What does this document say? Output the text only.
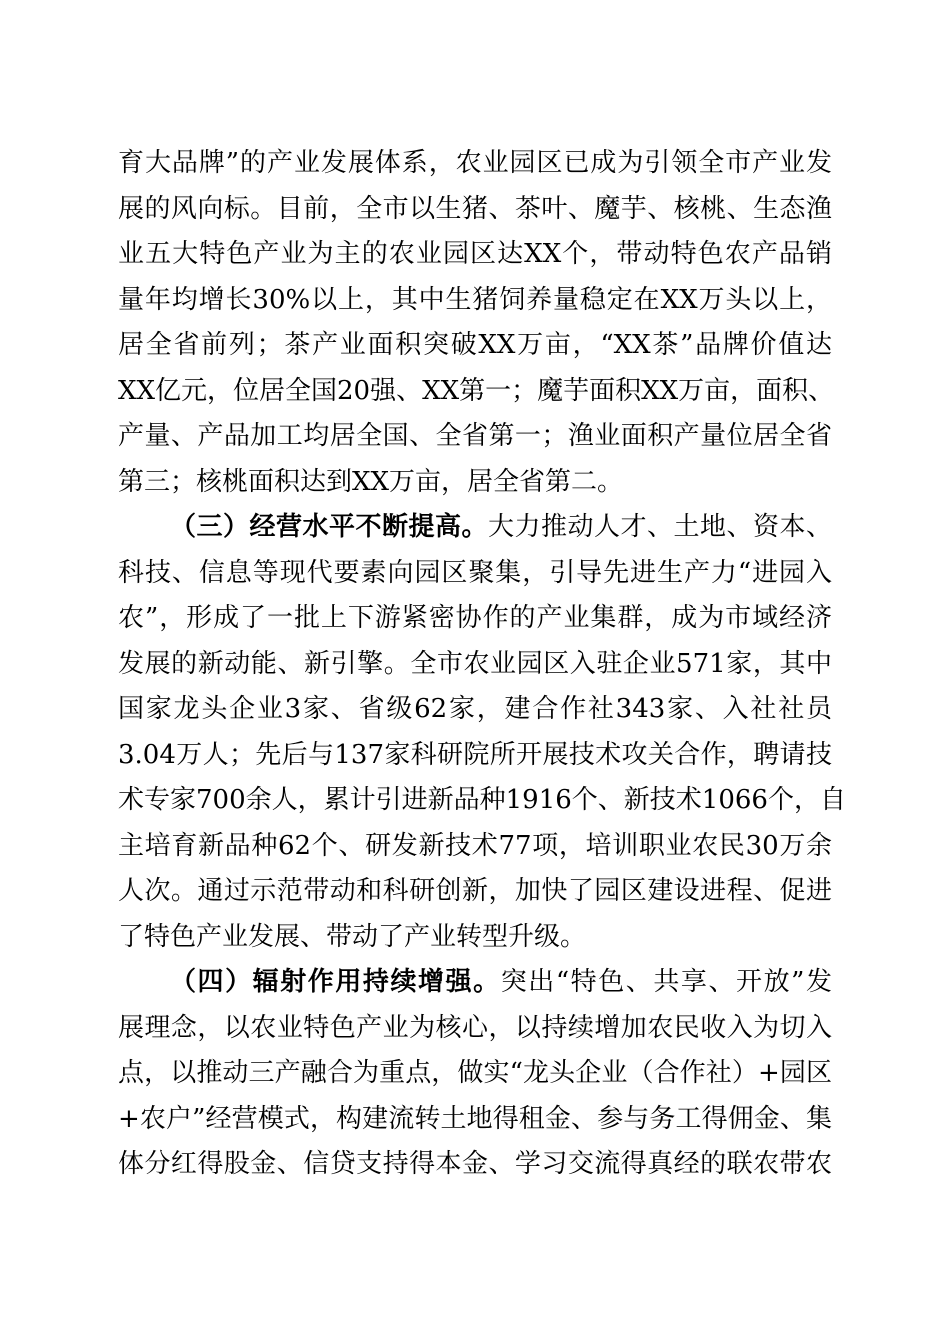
育大品牌”的产业发展体系，农业园区已成为引领全市产业发
展的风向标。目前，全市以生猪、茶叶、魔芋、核桃、生态渔
业五大特色产业为主的农业园区达XX个，带动特色农产品销
量年均增长30%以上，其中生猪饲养量稳定在XX万头以上，
居全省前列；茶产业面积突破XX万亩，“XX茶”品牌价值达
XX亿元，位居全国20强、XX第一；魔芋面积XX万亩，面积、
产量、产品加工均居全国、全省第一；渔业面积产量位居全省
第三；核桃面积达到XX万亩，居全省第二。
（三）经营水平不断提高。大力推动人才、土地、资本、
科技、信息等现代要素向园区聚集，引导先进生产力“进园入
农”，形成了一批上下游紧密协作的产业集群，成为市域经济
发展的新动能、新引擎。全市农业园区入驻企业571家，其中
国家龙头企业3家、省级62家，建合作社343家、入社社员
3.04万人；先后与137家科研院所开展技术攻关合作，聘请技
术专家700余人，累计引进新品种1916个、新技术1066个，自
主培育新品种62个、研发新技术77项，培训职业农民30万余
人次。通过示范带动和科研创新，加快了园区建设进程、促进
了特色产业发展、带动了产业转型升级。
（四）辐射作用持续增强。突出“特色、共享、开放”发
展理念，以农业特色产业为核心，以持续增加农民收入为切入
点，以推动三产融合为重点，做实“龙头企业（合作社）+园区
+农户”经营模式，构建流转土地得租金、参与务工得佣金、集
体分红得股金、信贷支持得本金、学习交流得真经的联农带农
